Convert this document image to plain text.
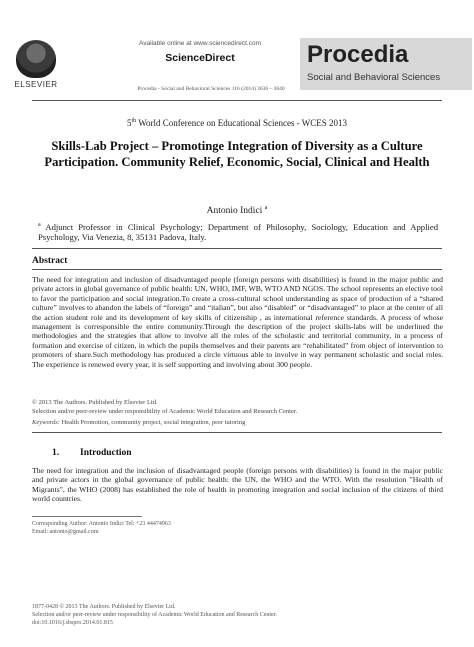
ELSEVIER
Available online at www.sciencedirect.com
ScienceDirect
Procedia - Social and Behavioral Sciences 116 (2014) 3636 – 3640
Procedia
Social and Behavioral Sciences
5th World Conference on Educational Sciences - WCES 2013
Skills-Lab Project – Promotinge Integration of Diversity as a Culture Participation. Community Relief, Economic, Social, Clinical and Health
Antonio Indici $^a$
$^a$ Adjunct Professor in Clinical Psychology; Department of Philosophy, Sociology, Education and Applied Psychology, Via Venezia, 8, 35131 Padova, Italy.
Abstract
The need for integration and inclusion of disadvantaged people (foreign persons with disabilities) is found in the major public and private actors in global governance of public health: UN, WHO, IMF, WB, WTO AND NGOS. The school represents an elective tool to favor the participation and social integration.To create a cross-cultural school understanding as space of production of a “shared culture” involves to abandon the labels of “foreign” and “italian”, but also “disabled” or “disadvantaged” to place at the center of all the action student role and its development of key skills of citizenship , as international reference standards. A process of whose management is corresponsible the entire community.Through the description of the project skills-labs will be underlined the methodologies and the strategies that allow to involve all the roles of the scholastic and territorial community, in a process of formation and exercise of citizen, in which the pupils themselves and their parents are “rehabilitated” from object of intervention to promoters of share.Such methodology has produced a circle virtuous able to involve in way permanent scholastic and social roles. The experience is renewed every year, it is self supporting and involving about 300 people.
© 2013 The Authors. Published by Elsevier Ltd.
Selection and/or peer-review under responsibility of Academic World Education and Research Center.
Keywords: Health Promotion, community project, social integration, peer tutoring
1. Introduction
The need for integration and the inclusion of disadvantaged people (foreign persons with disabilities) is found in the major public and private actors in the global governance of public health: the UN, the WHO and the WTO. With the resolution "Health of Migrants", the WHO (2008) has established the role of health in promoting integration and social inclusion of the citizens of third world countries.
Corresponding Author: Antonio Indici Tel: +23 44474963
Email: antonio@gmail.com
1877-0428 © 2013 The Authors. Published by Elsevier Ltd.
Selection and/or peer-review under responsibility of Academic World Education and Research Center.
doi:10.1016/j.sbspro.2014.01.815
